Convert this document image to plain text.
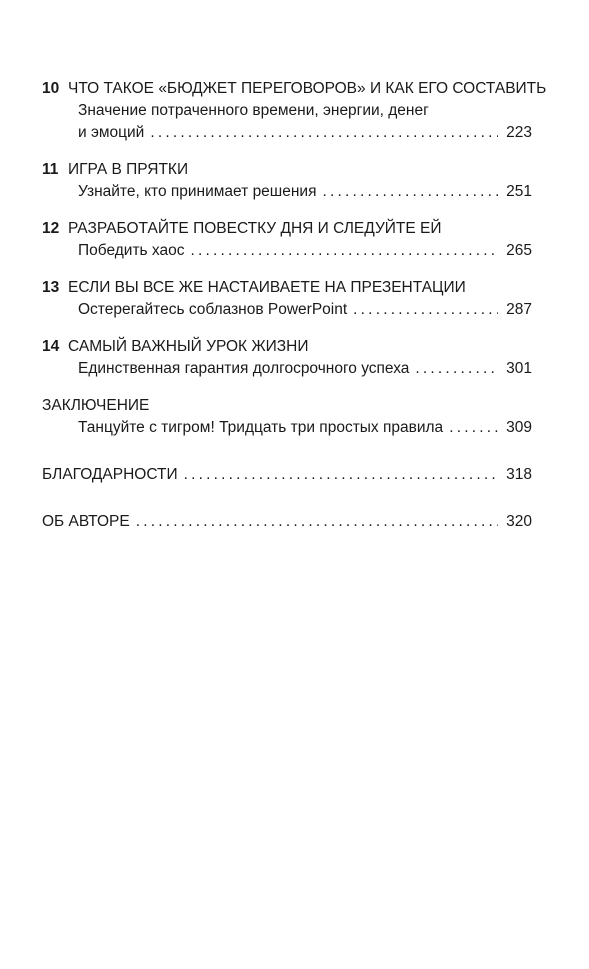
10 ЧТО ТАКОЕ «БЮДЖЕТ ПЕРЕГОВОРОВ» И КАК ЕГО СОСТАВИТЬ
Значение потраченного времени, энергии, денег
и эмоций .....	223
11 ИГРА В ПРЯТКИ
Узнайте, кто принимает решения .....	251
12 РАЗРАБОТАЙТЕ ПОВЕСТКУ ДНЯ И СЛЕДУЙТЕ ЕЙ
Победить хаос .....	265
13 ЕСЛИ ВЫ ВСЕ ЖЕ НАСТАИВАЕТЕ НА ПРЕЗЕНТАЦИИ
Остерегайтесь соблазнов PowerPoint .....	287
14 САМЫЙ ВАЖНЫЙ УРОК ЖИЗНИ
Единственная гарантия долгосрочного успеха .....	301
ЗАКЛЮЧЕНИЕ
Танцуйте с тигром! Тридцать три простых правила .....	309
БЛАГОДАРНОСТИ .....	318
ОБ АВТОРЕ .....	320
